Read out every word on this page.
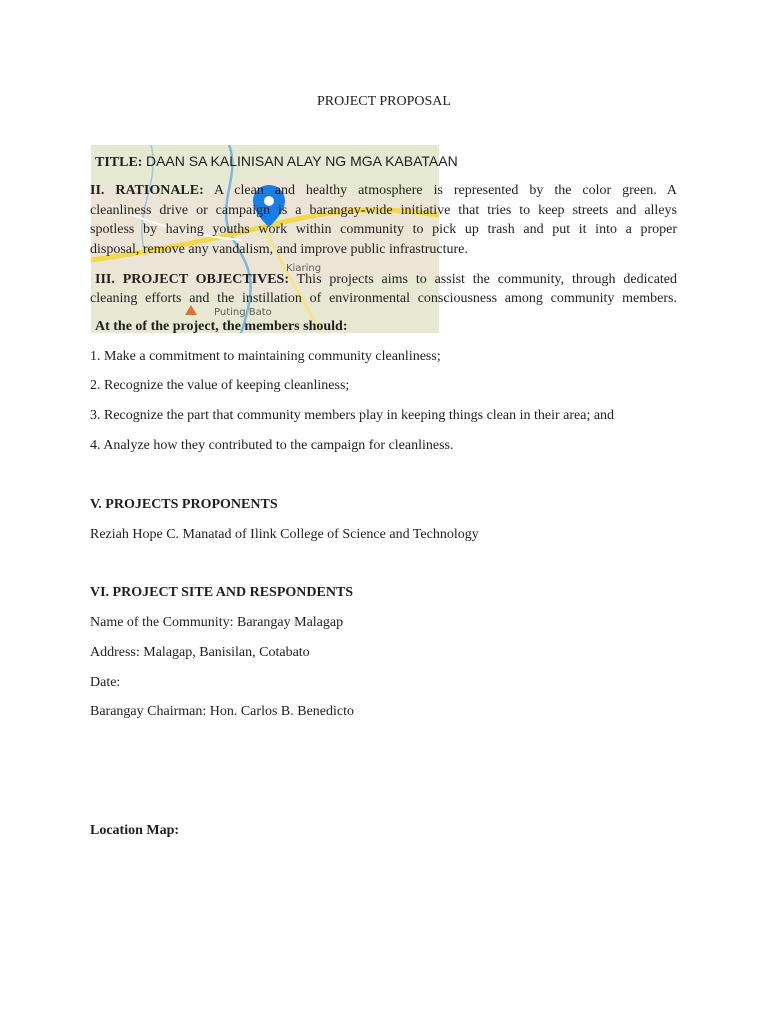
Kiaring
Puting Bato
PROJECT PROPOSAL
TITLE: DAAN SA KALINISAN ALAY NG MGA KABATAAN
II. RATIONALE: A clean and healthy atmosphere is represented by the color green. A
cleanliness drive or campaign is a barangay-wide initiative that tries to keep streets and alleys
spotless by having youths work within community to pick up trash and put it into a proper
disposal, remove any vandalism, and improve public infrastructure.
III. PROJECT OBJECTIVES: This projects aims to assist the community, through dedicated
cleaning efforts and the instillation of environmental consciousness among community members.
At the of the project, the members should:
1. Make a commitment to maintaining community cleanliness;
2. Recognize the value of keeping cleanliness;
3. Recognize the part that community members play in keeping things clean in their area; and
4. Analyze how they contributed to the campaign for cleanliness.
V. PROJECTS PROPONENTS
Reziah Hope C. Manatad of Ilink College of Science and Technology
VI. PROJECT SITE AND RESPONDENTS
Name of the Community: Barangay Malagap
Address: Malagap, Banisilan, Cotabato
Date:
Barangay Chairman: Hon. Carlos B. Benedicto
Location Map:
